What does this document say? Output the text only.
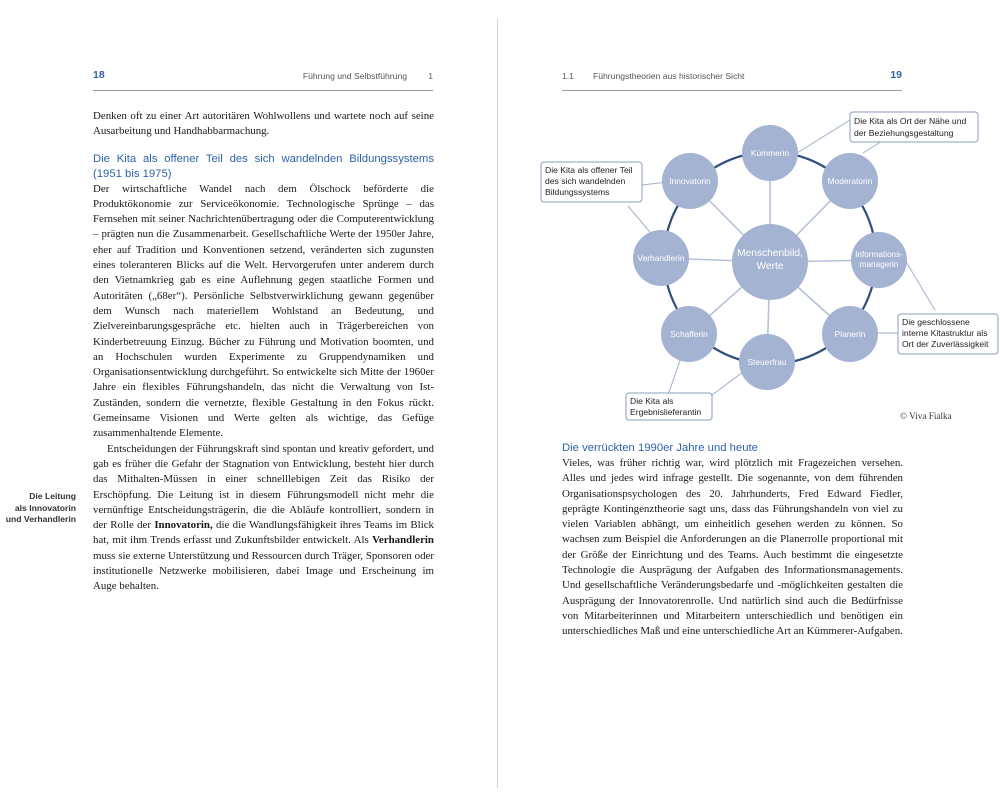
18	Führung und Selbstführung 1

Denken oft zu einer Art autoritären Wohlwollens und wartete noch auf seine Ausarbeitung und Handhabbarmachung.

Die Kita als offener Teil des sich wandelnden Bildungssystems (1951 bis 1975)

Der wirtschaftliche Wandel nach dem Ölschock beförderte die Produktökonomie zur Serviceökonomie. Technologische Sprünge – das Fernsehen mit seiner Nachrichtenübertragung oder die Computerentwicklung – prägten nun die Zusammenarbeit. Gesellschaftliche Werte der 1950er Jahre, eher auf Tradition und Konventionen setzend, veränderten sich zugunsten eines toleranteren Blicks auf die Welt. Hervorgerufen unter anderem durch den Vietnamkrieg gab es eine Auflehnung gegen staatliche Formen und Autoritäten („68er“). Persönliche Selbstverwirklichung gewann gegenüber dem Wunsch nach materiellem Wohlstand an Bedeutung, und Zielvereinbarungsgespräche etc. hielten auch in Trägerbereichen von Kinderbetreuung Einzug. Bücher zu Führung und Motivation boomten, und an Hochschulen wurden Experimente zu Gruppendynamiken und Organisationsentwicklung durchgeführt. So entwickelte sich Mitte der 1960er Jahre ein flexibles Führungshandeln, das nicht die Verwaltung von Ist-Zuständen, sondern die vernetzte, flexible Gestaltung in den Fokus rückt. Gemeinsame Visionen und Werte gelten als wichtige, das Gefüge zusammenhaltende Elemente.

Entscheidungen der Führungskraft sind spontan und kreativ gefordert, und gab es früher die Gefahr der Stagnation von Entwicklung, besteht hier durch das Mithalten-Müssen in einer schnelllebigen Zeit das Risiko der Erschöpfung. Die Leitung ist in diesem Führungsmodell nicht mehr die vernünftige Entscheidungsträgerin, die die Abläufe kontrolliert, sondern in der Rolle der Innovatorin, die die Wandlungsfähigkeit ihres Teams im Blick hat, mit ihm Trends erfasst und Zukunftsbilder entwickelt. Als Verhandlerin muss sie externe Unterstützung und Ressourcen durch Träger, Sponsoren oder institutionelle Netzwerke mobilisieren, dabei Image und Erscheinung im Auge behalten.

Die Leitung
als Innovatorin
und Verhandlerin
1.1 Führungstheorien aus historischer Sicht	19
Kümmerin
Moderatorin
Informations-
managerin
Planerin
Steuerfrau
Schafferin
Verhandlerin
Innovatorin
Menschenbild,
Werte
Die Kita als Ort der Nähe und
der Beziehungsgestaltung
Die Kita als offener Teil
des sich wandelnden
Bildungssystems
Die geschlossene
interne Kitastruktur als
Ort der Zuverlässigkeit
Die Kita als
Ergebnislieferantin	© Viva Fialka
Die verrückten 1990er Jahre und heute

Vieles, was früher richtig war, wird plötzlich mit Fragezeichen versehen. Alles und jedes wird infrage gestellt. Die sogenannte, von dem führenden Organisationspsychologen des 20. Jahrhunderts, Fred Edward Fiedler, geprägte Kontingenztheorie sagt uns, dass das Führungshandeln von viel zu vielen Variablen abhängt, um einheitlich gesehen werden zu können. So wachsen zum Beispiel die Anforderungen an die Planerrolle proportional mit der Größe der Einrichtung und des Teams. Auch bestimmt die eingesetzte Technologie die Ausprägung der Aufgaben des Informationsmanagements. Und gesellschaftliche Veränderungsbedarfe und -möglichkeiten gestalten die Ausprägung der Innovatorenrolle. Und natürlich sind auch die Bedürfnisse von Mitarbeiterinnen und Mitarbeitern unterschiedlich und benötigen ein unterschiedliches Maß und eine unterschiedliche Art an Kümmerer-Aufgaben.
